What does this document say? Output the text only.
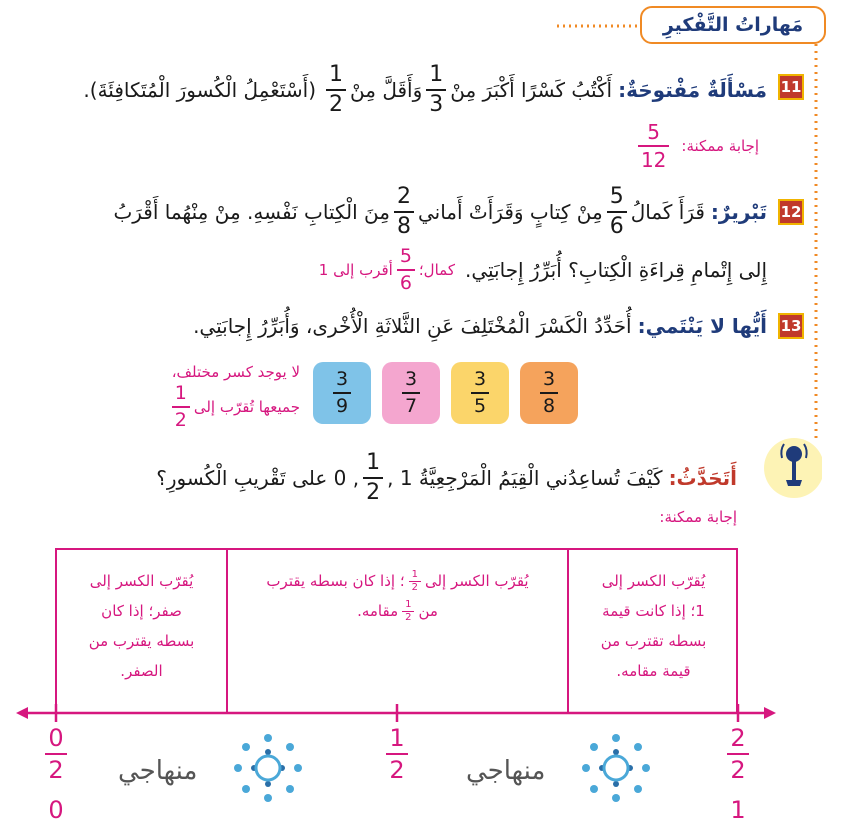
مَهاراتُ التَّفْكيرِ
11
مَسْأَلَةٌ مَفْتوحَةٌ:
أَكْتُبُ كَسْرًا أَكْبَرَ مِنْ
$\frac{1}{3}$
وَأَقَلَّ مِنْ
$\frac{1}{2}$
(أَسْتَعْمِلُ الْكُسورَ الْمُتَكافِئَةَ).
إجابة ممكنة:
$\frac{5}{12}$
12
تَبْريرٌ:
قَرَأَ كَمالُ
$\frac{5}{6}$
مِنْ كِتابٍ وَقَرَأَتْ أَماني
$\frac{2}{8}$
مِنَ الْكِتابِ نَفْسِهِ. مِنْ مِنْهُما أَقْرَبُ
إِلى إِتْمامِ قِراءَةِ الْكِتابِ؟ أُبَرِّرُ إِجابَتِي.
كمال؛
$\frac{5}{6}$
أقرب إلى 1
13
أَيُّها لا يَنْتَمي:
أُحَدِّدُ الْكَسْرَ الْمُخْتَلِفَ عَنِ الثَّلاثَةِ الْأُخْرى، وَأُبَرِّرُ إِجابَتِي.
$\frac{3}{8}$
$\frac{3}{5}$
$\frac{3}{7}$
$\frac{3}{9}$
لا يوجد كسر مختلف،
جميعها تُقرّب إلى
$\frac{1}{2}$
أَتَحَدَّثُ:
كَيْفَ تُساعِدُني الْقِيَمُ الْمَرْجِعِيَّةُ 1 ,
$\frac{1}{2}$
, 0 على تَقْريبِ الْكُسورِ؟
إجابة ممكنة:
يُقرّب الكسر إلى
1؛ إذا كانت قيمة
بسطه تقترب من
قيمة مقامه.
يُقرّب الكسر إلى
$\frac{1}{2}$
؛ إذا كان بسطه يقترب
من
$\frac{1}{2}$
مقامه.
يُقرّب الكسر إلى
صفر؛ إذا كان
بسطه يقترب من
الصفر.
$\frac{0}{2}$
0
$\frac{1}{2}$	$\frac{2}{2}$
1
منهاجي	منهاجي
